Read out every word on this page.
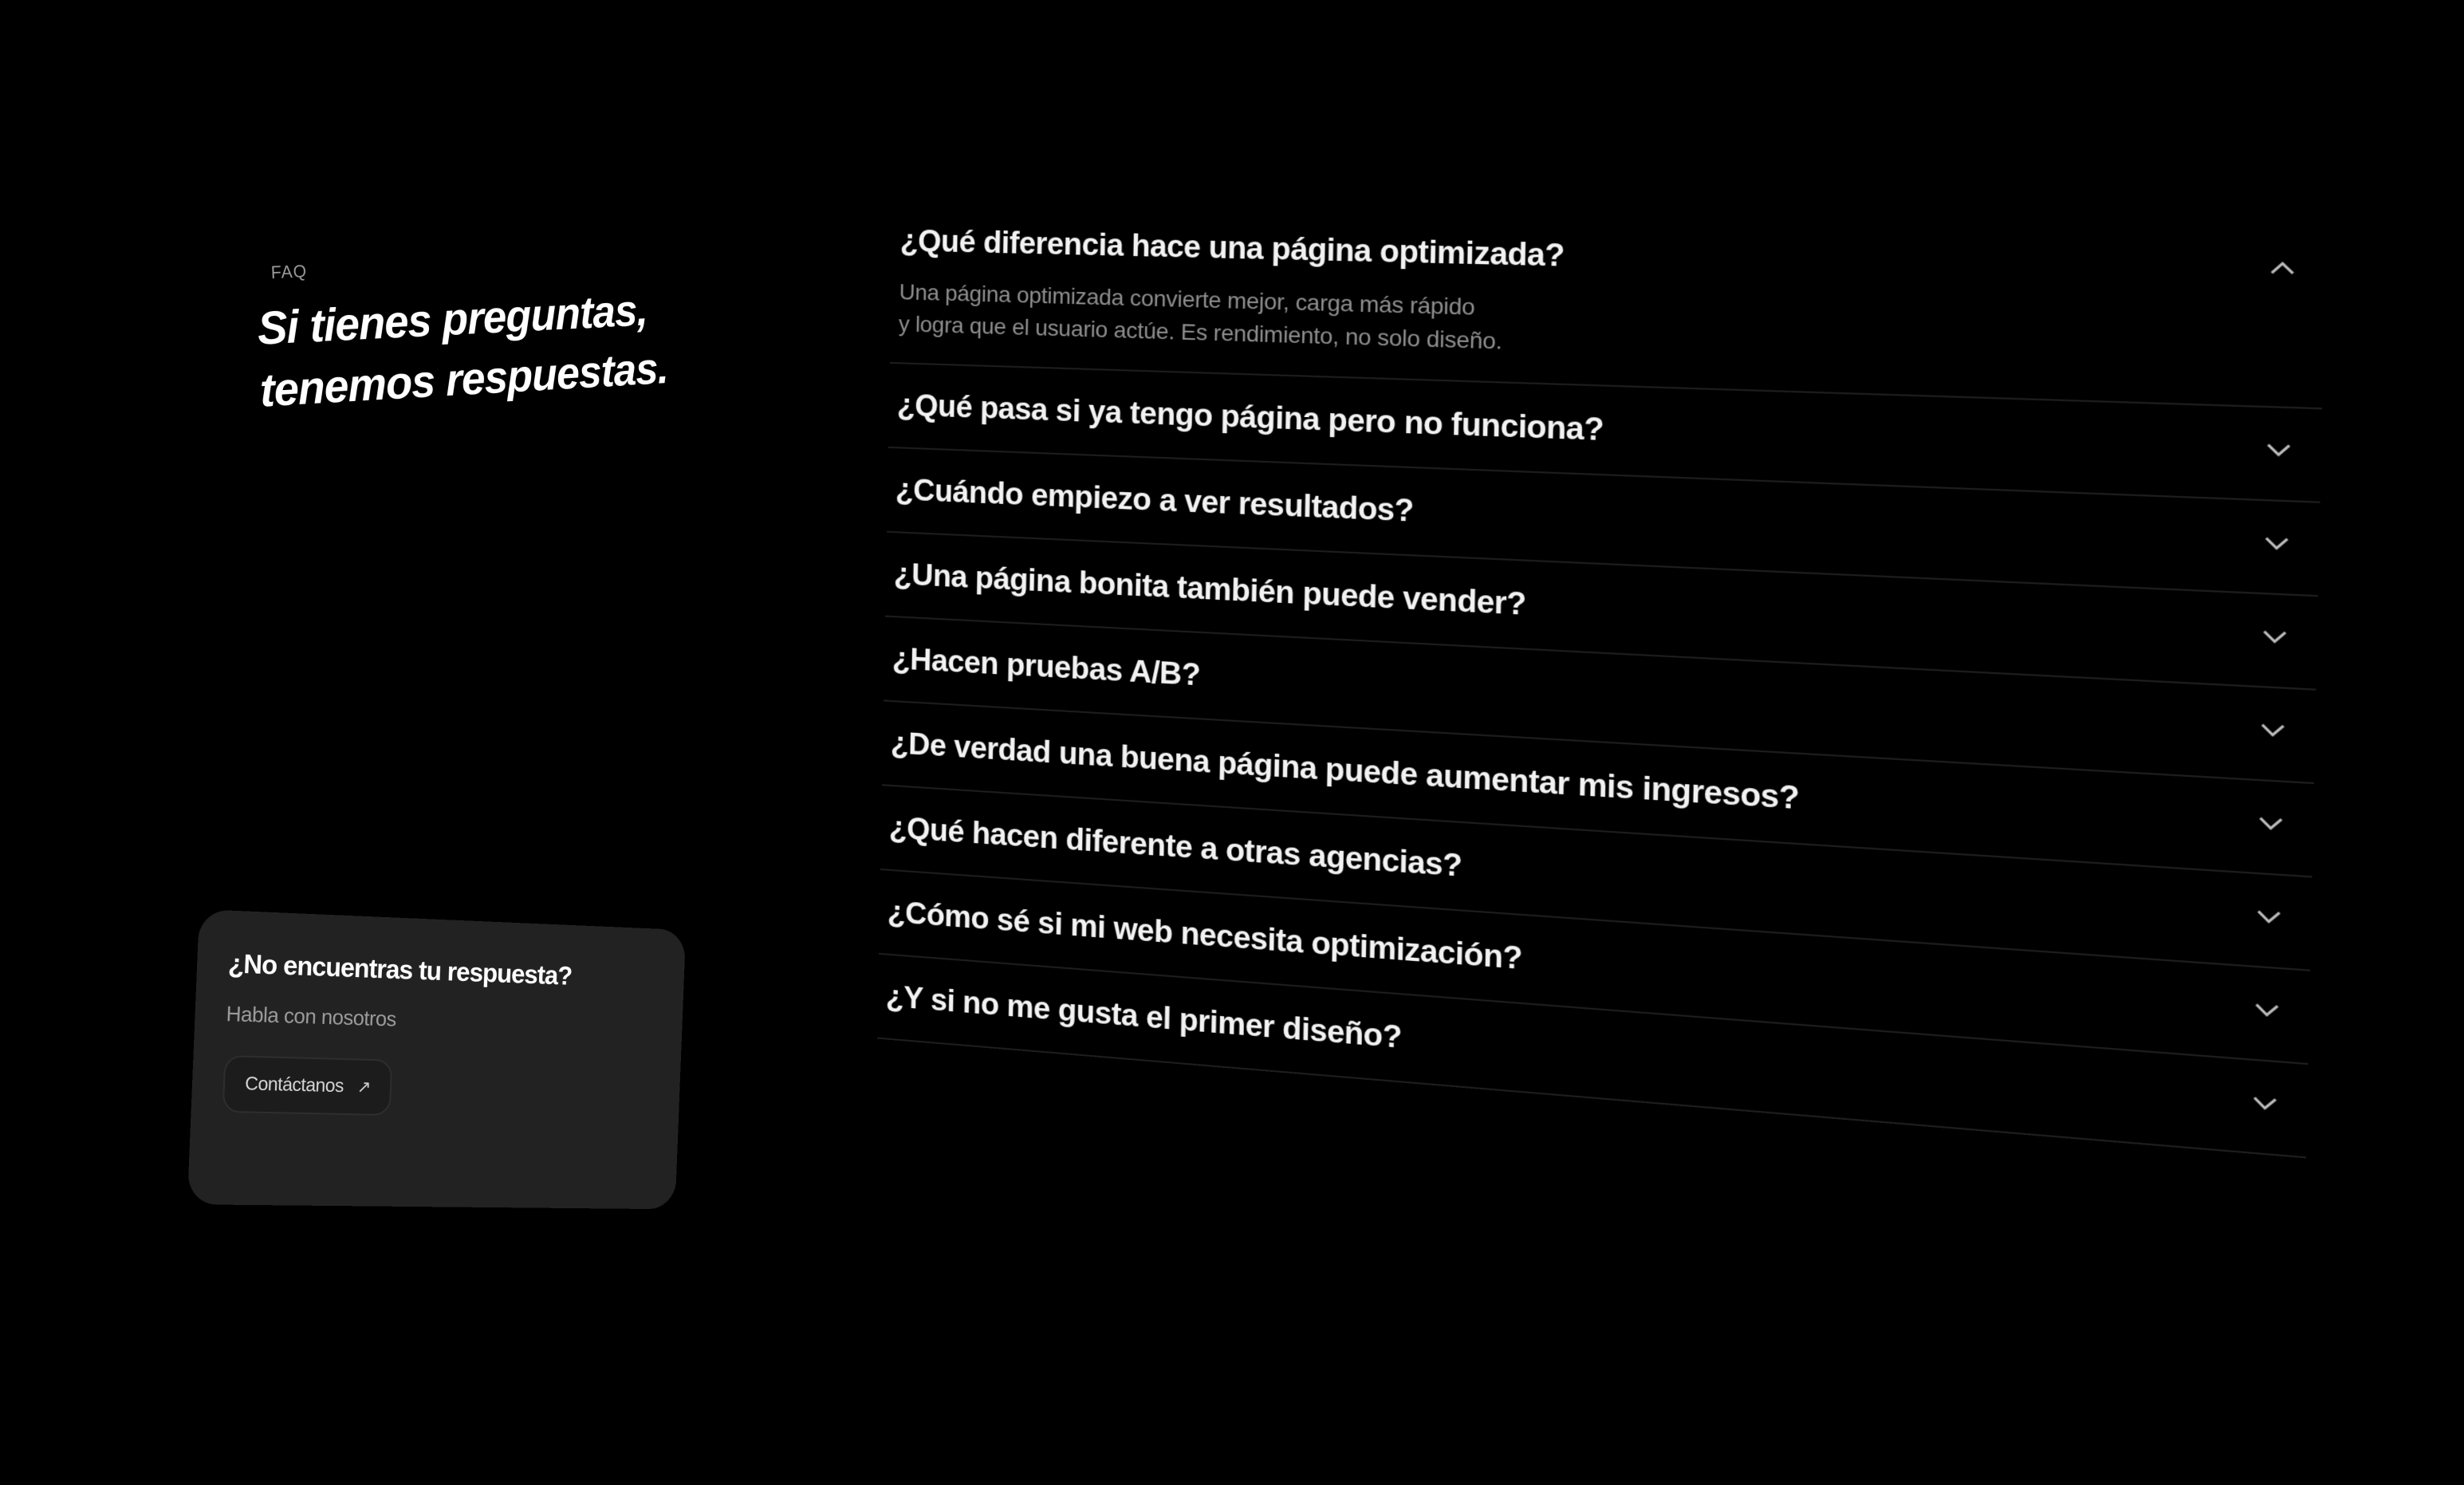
FAQ
Si tienes preguntas,
tenemos respuestas.

¿No encuentras tu respuesta?

Habla con nosotros

Contáctanos ↗
¿Qué diferencia hace una página optimizada?
Una página optimizada convierte mejor, carga más rápido
y logra que el usuario actúe. Es rendimiento, no solo diseño.
¿Qué pasa si ya tengo página pero no funciona?
¿Cuándo empiezo a ver resultados?
¿Una página bonita también puede vender?
¿Hacen pruebas A/B?
¿De verdad una buena página puede aumentar mis ingresos?
¿Qué hacen diferente a otras agencias?
¿Cómo sé si mi web necesita optimización?
¿Y si no me gusta el primer diseño?
